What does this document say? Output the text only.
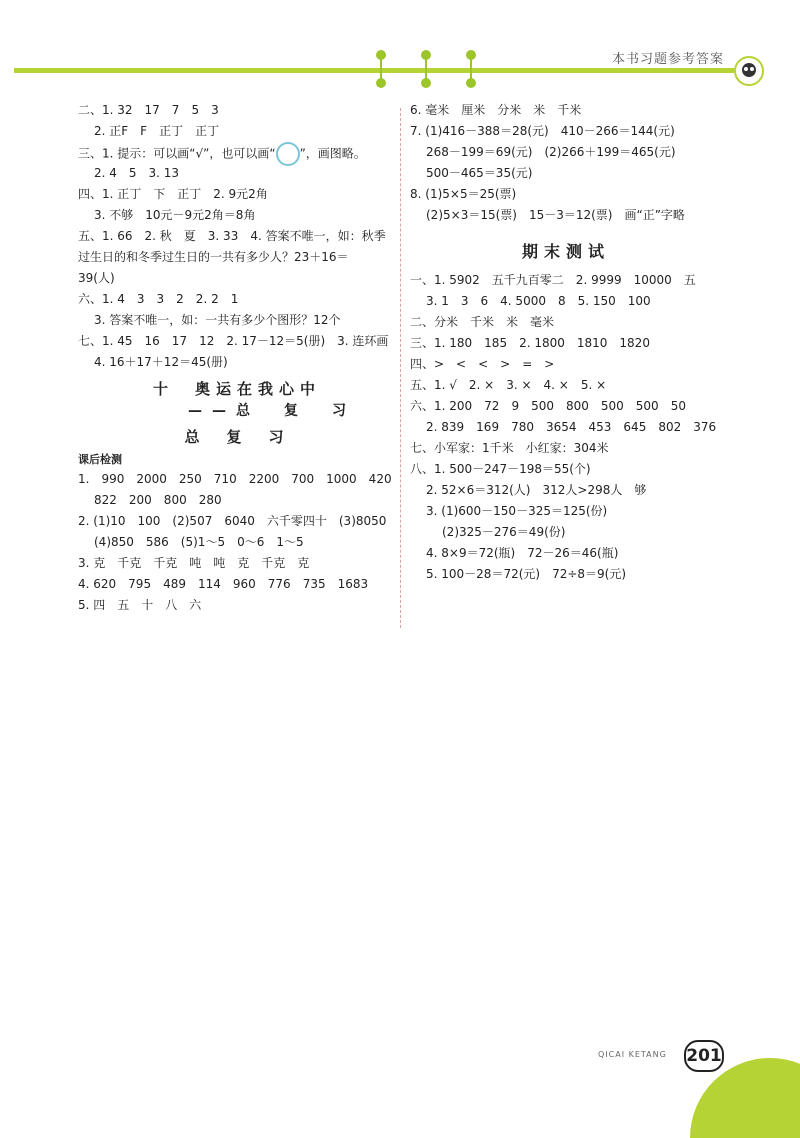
本书习题参考答案
二、1. 32　17　7　5　3
2. 正F　F　正丁　正丁
三、1. 提示：可以画“√”，也可以画“ ”，画图略。
2. 4　5　3. 13
四、1. 正丁　下　正丁　2. 9元2角
3. 不够　10元－9元2角＝8角
五、1. 66　2. 秋　夏　3. 33　4. 答案不唯一，如：秋季
过生日的和冬季过生日的一共有多少人？23＋16＝
39(人)
六、1. 4　3　3　2　2. 2　1
3. 答案不唯一，如：一共有多少个图形？12个
七、1. 45　16　17　12　2. 17－12＝5(册)　3. 连环画
4. 16＋17＋12＝45(册)
十　奥运在我心中
——总　复　习
总　复　习
课后检测
1.　990　2000　250　710　2200　700　1000　420
822　200　800　280
2. (1)10　100　(2)507　6040　六千零四十　(3)8050
(4)850　586　(5)1～5　0～6　1～5
3. 克　千克　千克　吨　吨　克　千克　克
4. 620　795　489　114　960　776　735　1683
5. 四　五　十　八　六
6. 毫米　厘米　分米　米　千米
7. (1)416－388＝28(元)　410－266＝144(元)
268－199＝69(元)　(2)266＋199＝465(元)
500－465＝35(元)
8. (1)5×5＝25(票)
(2)5×3＝15(票)　15－3＝12(票)　画“正”字略
期末测试
一、1. 5902　五千九百零二　2. 9999　10000　五
3. 1　3　6　4. 5000　8　5. 150　100
二、分米　千米　米　毫米
三、1. 180　185　2. 1800　1810　1820
四、>　<　<　>　=　>
五、1. √　2. ×　3. ×　4. ×　5. ×
六、1. 200　72　9　500　800　500　500　50
2. 839　169　780　3654　453　645　802　376
七、小军家：1千米　小红家：304米
八、1. 500－247－198＝55(个)
2. 52×6＝312(人)　312人>298人　够
3. (1)600－150－325＝125(份)
(2)325－276＝49(份)
4. 8×9＝72(瓶)　72－26＝46(瓶)
5. 100－28＝72(元)　72÷8＝9(元)
QICAI KETANG 201
